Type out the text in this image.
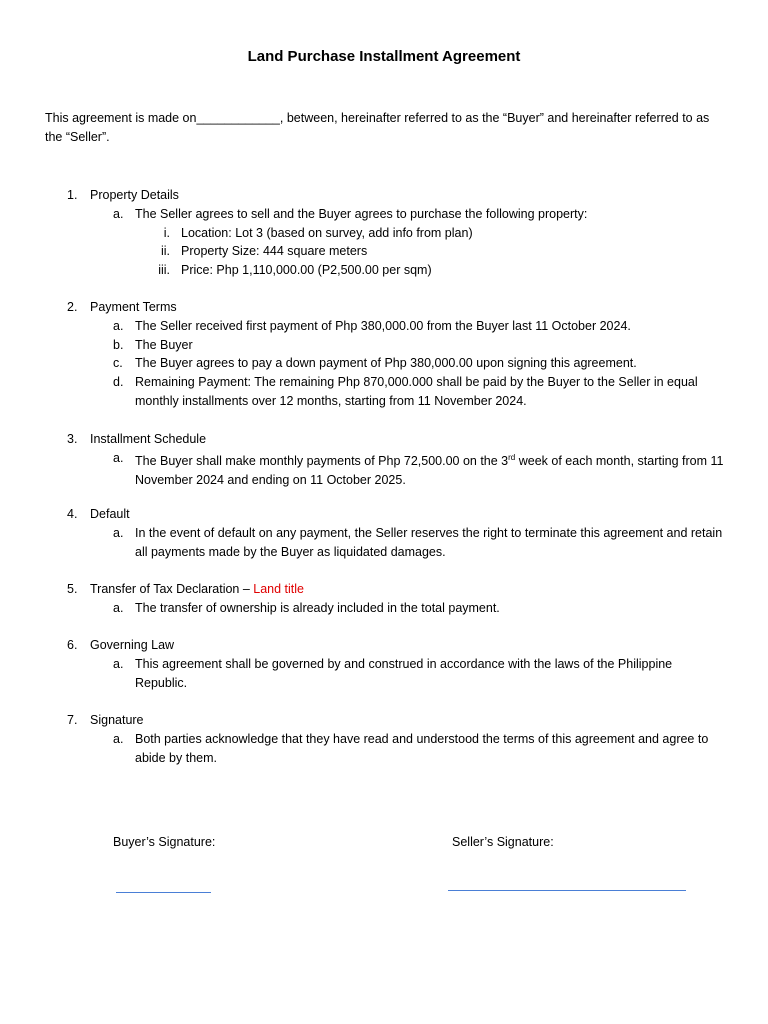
Land Purchase Installment Agreement
This agreement is made on____________, between, hereinafter referred to as the “Buyer” and hereinafter referred to as the “Seller”.
1. Property Details
a. The Seller agrees to sell and the Buyer agrees to purchase the following property:
i. Location: Lot 3 (based on survey, add info from plan)
ii. Property Size: 444 square meters
iii. Price: Php 1,110,000.00 (P2,500.00 per sqm)
2. Payment Terms
a. The Seller received first payment of Php 380,000.00 from the Buyer last 11 October 2024.
b. The Buyer
c. The Buyer agrees to pay a down payment of Php 380,000.00 upon signing this agreement.
d. Remaining Payment: The remaining Php 870,000.000 shall be paid by the Buyer to the Seller in equal monthly installments over 12 months, starting from 11 November 2024.
3. Installment Schedule
a. The Buyer shall make monthly payments of Php 72,500.00 on the 3rd week of each month, starting from 11 November 2024 and ending on 11 October 2025.
4. Default
a. In the event of default on any payment, the Seller reserves the right to terminate this agreement and retain all payments made by the Buyer as liquidated damages.
5. Transfer of Tax Declaration – Land title
a. The transfer of ownership is already included in the total payment.
6. Governing Law
a. This agreement shall be governed by and construed in accordance with the laws of the Philippine Republic.
7. Signature
a. Both parties acknowledge that they have read and understood the terms of this agreement and agree to abide by them.
Buyer’s Signature:	Seller’s Signature:
